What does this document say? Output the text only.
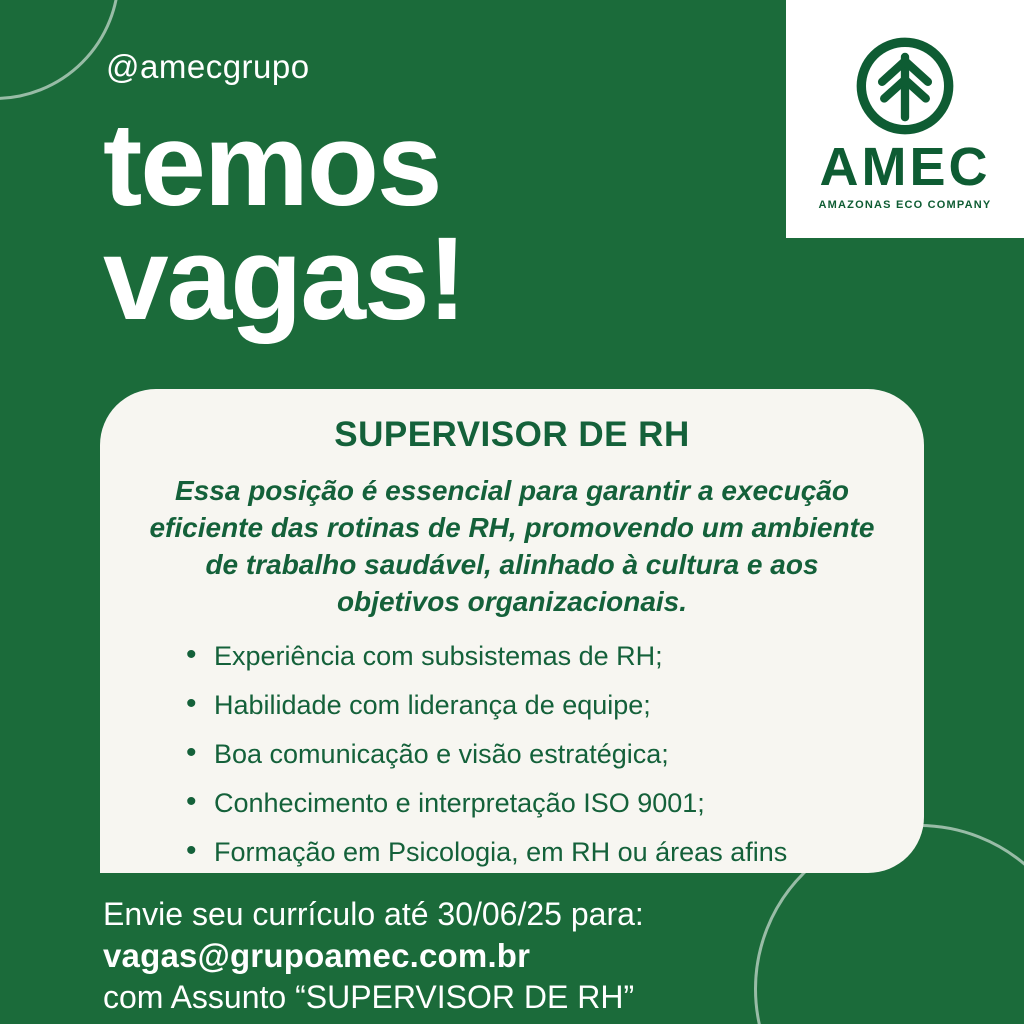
@amecgrupo
temos
vagas!
AMEC
AMAZONAS ECO COMPANY
SUPERVISOR DE RH
Essa posição é essencial para garantir a execução eficiente das rotinas de RH, promovendo um ambiente de trabalho saudável, alinhado à cultura e aos objetivos organizacionais.
• Experiência com subsistemas de RH;
• Habilidade com liderança de equipe;
• Boa comunicação e visão estratégica;
• Conhecimento e interpretação ISO 9001;
• Formação em Psicologia, em RH ou áreas afins
Envie seu currículo até 30/06/25 para:
vagas@grupoamec.com.br
com Assunto “SUPERVISOR DE RH”
